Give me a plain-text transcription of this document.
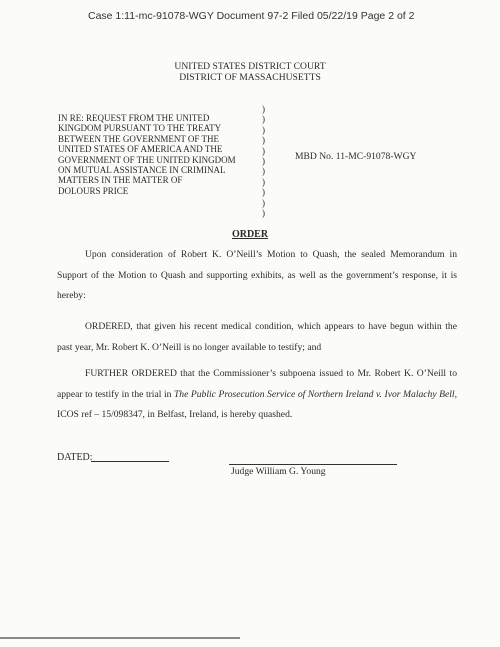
Case 1:11-mc-91078-WGY Document 97-2 Filed 05/22/19 Page 2 of 2
UNITED STATES DISTRICT COURT
DISTRICT OF MASSACHUSETTS
IN RE: REQUEST FROM THE UNITED
KINGDOM PURSUANT TO THE TREATY
BETWEEN THE GOVERNMENT OF THE
UNITED STATES OF AMERICA AND THE
GOVERNMENT OF THE UNITED KINGDOM
ON MUTUAL ASSISTANCE IN CRIMINAL
MATTERS IN THE MATTER OF
DOLOURS PRICE
)
)
)
)
)
)
)
)
)
)
)
MBD No. 11-MC-91078-WGY
ORDER
Upon consideration of Robert K. O’Neill’s Motion to Quash, the sealed Memorandum in Support of the Motion to Quash and supporting exhibits, as well as the government’s response, it is hereby:
ORDERED, that given his recent medical condition, which appears to have begun within the past year, Mr. Robert K. O’Neill is no longer available to testify; and
FURTHER ORDERED that the Commissioner’s subpoena issued to Mr. Robert K. O’Neill to appear to testify in the trial in The Public Prosecution Service of Northern Ireland v. Ivor Malachy Bell, ICOS ref – 15/098347, in Belfast, Ireland, is hereby quashed.
DATED:
Judge William G. Young
